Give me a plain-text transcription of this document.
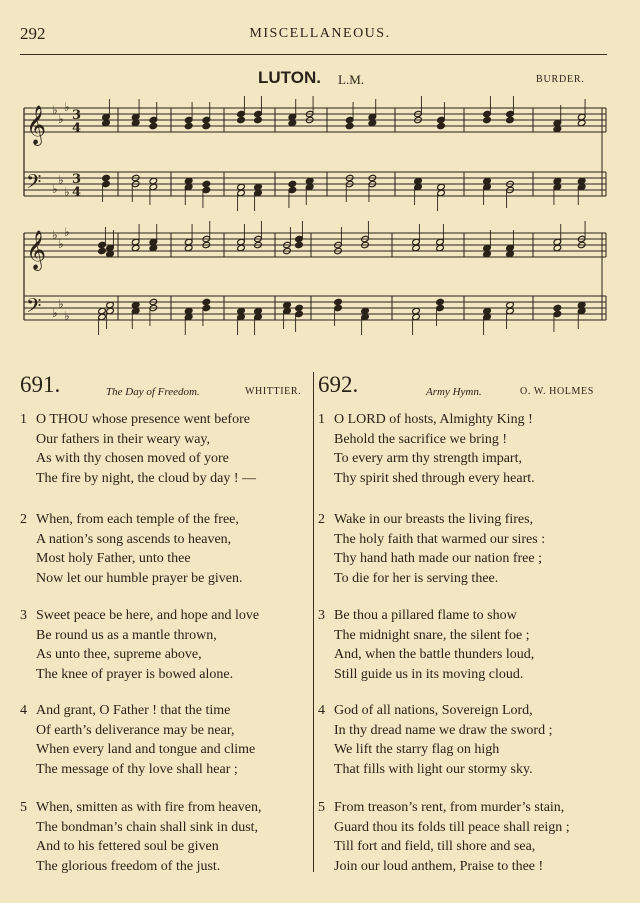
292	MISCELLANEOUS.
LUTON. L.M.	BURDER.
𝄞 ♭
♭
♭
3
4
𝄢 ♭
♭
♭
3
4
𝄞 ♭
♭
♭
𝄢 ♭
♭
♭
691.	The Day of Freedom.	WHITTIER.
1 O THOU whose presence went before
Our fathers in their weary way,
As with thy chosen moved of yore
The fire by night, the cloud by day ! —
2 When, from each temple of the free,
A nation’s song ascends to heaven,
Most holy Father, unto thee
Now let our humble prayer be given.
3 Sweet peace be here, and hope and love
Be round us as a mantle thrown,
As unto thee, supreme above,
The knee of prayer is bowed alone.
4 And grant, O Father ! that the time
Of earth’s deliverance may be near,
When every land and tongue and clime
The message of thy love shall hear ;
5 When, smitten as with fire from heaven,
The bondman’s chain shall sink in dust,
And to his fettered soul be given
The glorious freedom of the just.
692.	Army Hymn.	O. W. HOLMES
1 O LORD of hosts, Almighty King !
Behold the sacrifice we bring !
To every arm thy strength impart,
Thy spirit shed through every heart.
2 Wake in our breasts the living fires,
The holy faith that warmed our sires :
Thy hand hath made our nation free ;
To die for her is serving thee.
3 Be thou a pillared flame to show
The midnight snare, the silent foe ;
And, when the battle thunders loud,
Still guide us in its moving cloud.
4 God of all nations, Sovereign Lord,
In thy dread name we draw the sword ;
We lift the starry flag on high
That fills with light our stormy sky.
5 From treason’s rent, from murder’s stain,
Guard thou its folds till peace shall reign ;
Till fort and field, till shore and sea,
Join our loud anthem, Praise to thee !
